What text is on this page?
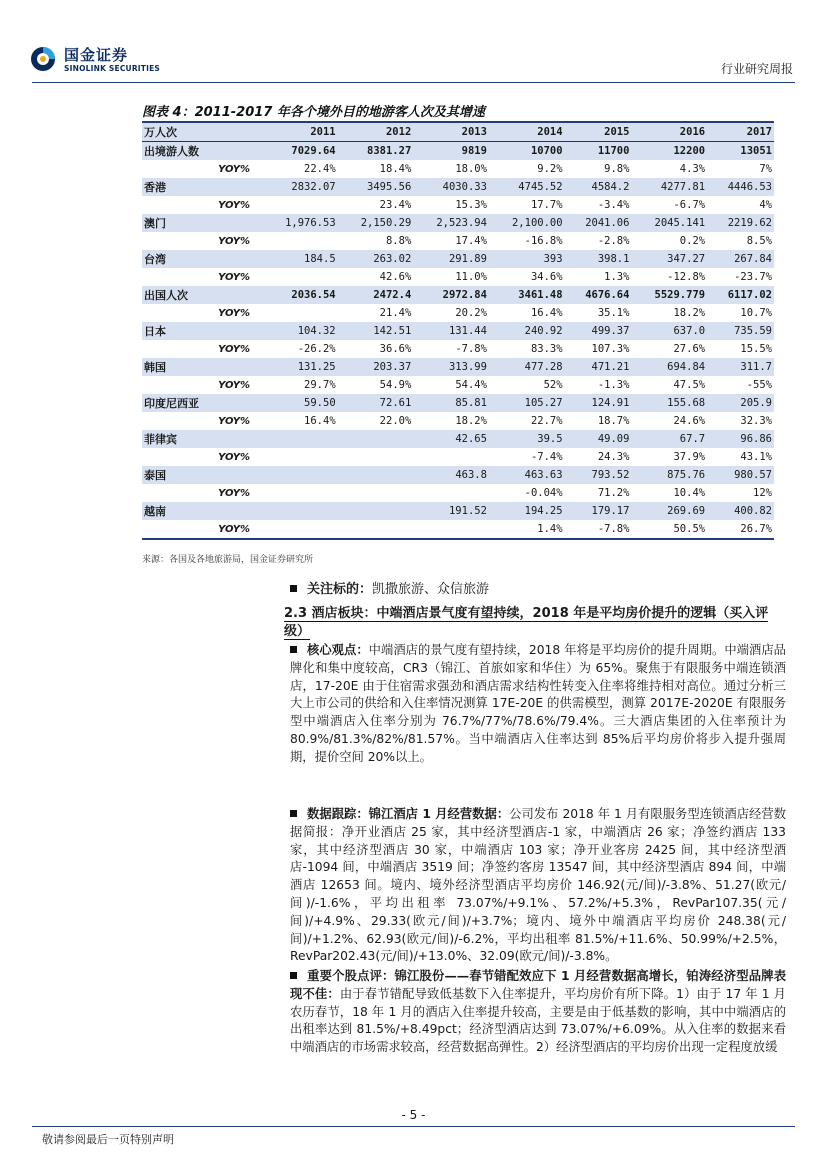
国金证券
SINOLINK SECURITIES	行业研究周报
图表 4：2011-2017 年各个境外目的地游客人次及其增速
万人次	2011	2012	2013	2014	2015	2016	2017
出境游人数	7029.64	8381.27	9819	10700	11700	12200	13051
YOY%	22.4%	18.4%	18.0%	9.2%	9.8%	4.3%	7%
香港	2832.07	3495.56	4030.33	4745.52	4584.2	4277.81	4446.53
YOY%		23.4%	15.3%	17.7%	-3.4%	-6.7%	4%
澳门	1,976.53	2,150.29	2,523.94	2,100.00	2041.06	2045.141	2219.62
YOY%		8.8%	17.4%	-16.8%	-2.8%	0.2%	8.5%
台湾	184.5	263.02	291.89	393	398.1	347.27	267.84
YOY%		42.6%	11.0%	34.6%	1.3%	-12.8%	-23.7%
出国人次	2036.54	2472.4	2972.84	3461.48	4676.64	5529.779	6117.02
YOY%		21.4%	20.2%	16.4%	35.1%	18.2%	10.7%
日本	104.32	142.51	131.44	240.92	499.37	637.0	735.59
YOY%	-26.2%	36.6%	-7.8%	83.3%	107.3%	27.6%	15.5%
韩国	131.25	203.37	313.99	477.28	471.21	694.84	311.7
YOY%	29.7%	54.9%	54.4%	52%	-1.3%	47.5%	-55%
印度尼西亚	59.50	72.61	85.81	105.27	124.91	155.68	205.9
YOY%	16.4%	22.0%	18.2%	22.7%	18.7%	24.6%	32.3%
菲律宾			42.65	39.5	49.09	67.7	96.86
YOY%				-7.4%	24.3%	37.9%	43.1%
泰国			463.8	463.63	793.52	875.76	980.57
YOY%				-0.04%	71.2%	10.4%	12%
越南			191.52	194.25	179.17	269.69	400.82
YOY%				1.4%	-7.8%	50.5%	26.7%
来源：各国及各地旅游局，国金证券研究所
关注标的：凯撒旅游、众信旅游
2.3 酒店板块：中端酒店景气度有望持续，2018 年是平均房价提升的逻辑（买入评级）

核心观点：中端酒店的景气度有望持续，2018 年将是平均房价的提升周期。中端酒店品牌化和集中度较高，CR3（锦江、首旅如家和华住）为 65%。聚焦于有限服务中端连锁酒店，17-20E 由于住宿需求强劲和酒店需求结构性转变入住率将维持相对高位。通过分析三大上市公司的供给和入住率情况测算 17E-20E 的供需模型，测算 2017E-2020E 有限服务型中端酒店入住率分别为 76.7%/77%/78.6%/79.4%。三大酒店集团的入住率预计为 80.9%/81.3%/82%/81.57%。当中端酒店入住率达到 85%后平均房价将步入提升强周期，提价空间 20%以上。

数据跟踪：锦江酒店 1 月经营数据：公司发布 2018 年 1 月有限服务型连锁酒店经营数据简报：净开业酒店 25 家，其中经济型酒店-1 家，中端酒店 26 家；净签约酒店 133 家，其中经济型酒店 30 家，中端酒店 103 家；净开业客房 2425 间，其中经济型酒店-1094 间，中端酒店 3519 间；净签约客房 13547 间，其中经济型酒店 894 间，中端酒店 12653 间。境内、境外经济型酒店平均房价 146.92(元/间)/-3.8%、51.27(欧元/间)/-1.6%，平均出租率 73.07%/+9.1%、57.2%/+5.3%，RevPar107.35(元/间)/+4.9%、29.33(欧元/间)/+3.7%；境内、境外中端酒店平均房价 248.38(元/间)/+1.2%、62.93(欧元/间)/-6.2%，平均出租率 81.5%/+11.6%、50.99%/+2.5%，RevPar202.43(元/间)/+13.0%、32.09(欧元/间)/-3.8%。

重要个股点评：锦江股份——春节错配效应下 1 月经营数据高增长，铂涛经济型品牌表现不佳：由于春节错配导致低基数下入住率提升，平均房价有所下降。1）由于 17 年 1 月农历春节，18 年 1 月的酒店入住率提升较高，主要是由于低基数的影响，其中中端酒店的出租率达到 81.5%/+8.49pct；经济型酒店达到 73.07%/+6.09%。从入住率的数据来看中端酒店的市场需求较高，经营数据高弹性。2）经济型酒店的平均房价出现一定程度放缓

- 5 -
敬请参阅最后一页特别声明
